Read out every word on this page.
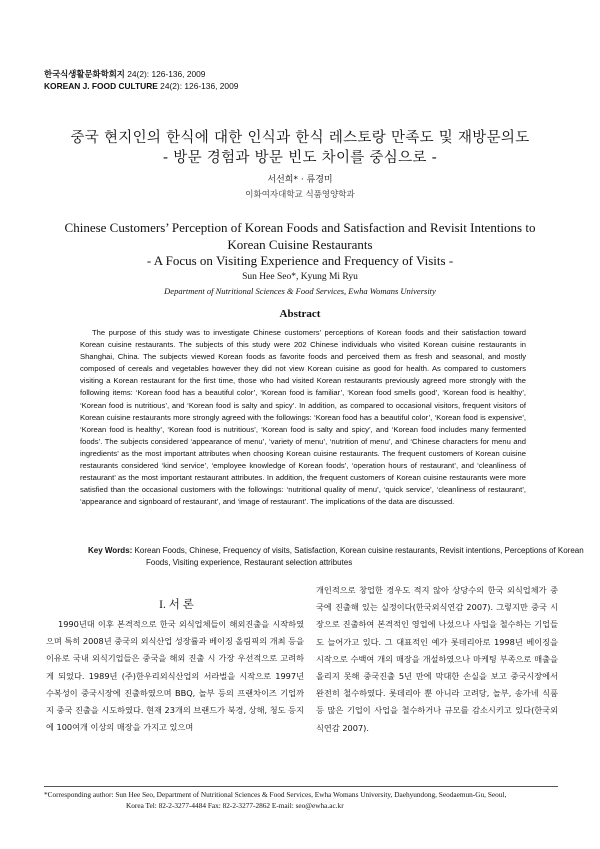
한국식생활문화학회지 24(2): 126-136, 2009
KOREAN J. FOOD CULTURE 24(2): 126-136, 2009
중국 현지인의 한식에 대한 인식과 한식 레스토랑 만족도 및 재방문의도
- 방문 경험과 방문 빈도 차이를 중심으로 -
서선희* · 류경미
이화여자대학교 식품영양학과
Chinese Customers’ Perception of Korean Foods and Satisfaction and Revisit Intentions to
Korean Cuisine Restaurants
- A Focus on Visiting Experience and Frequency of Visits -
Sun Hee Seo*, Kyung Mi Ryu
Department of Nutritional Sciences & Food Services, Ewha Womans University
Abstract
The purpose of this study was to investigate Chinese customers’ perceptions of Korean foods and their satisfaction toward Korean cuisine restaurants. The subjects of this study were 202 Chinese individuals who visited Korean cuisine restaurants in Shanghai, China. The subjects viewed Korean foods as favorite foods and perceived them as fresh and seasonal, and mostly composed of cereals and vegetables however they did not view Korean cuisine as good for health. As compared to customers visiting a Korean restaurant for the first time, those who had visited Korean restaurants previously agreed more strongly with the following items: ‘Korean food has a beautiful color’, ‘Korean food is familiar’, ‘Korean food smells good’, ‘Korean food is healthy’, ‘Korean food is nutritious’, and ‘Korean food is salty and spicy’. In addition, as compared to occasional visitors, frequent visitors of Korean cuisine restaurants more strongly agreed with the followings: ‘Korean food has a beautiful color’, ‘Korean food is expensive’, ‘Korean food is healthy’, ‘Korean food is nutritious’, ‘Korean food is salty and spicy’, and ‘Korean food includes many fermented foods’. The subjects considered ‘appearance of menu’, ‘variety of menu’, ‘nutrition of menu’, and ‘Chinese characters for menu and ingredients’ as the most important attributes when choosing Korean cuisine restaurants. The frequent customers of Korean cuisine restaurants considered ‘kind service’, ‘employee knowledge of Korean foods’, ‘operation hours of restaurant’, and ‘cleanliness of restaurant’ as the most important restaurant attributes. In addition, the frequent customers of Korean cuisine restaurants were more satisfied than the occasional customers with the followings: ‘nutritional quality of menu’, ‘quick service’, ‘cleanliness of restaurant’, ‘appearance and signboard of restaurant’, and ‘image of restaurant’. The implications of the data are discussed.
Key Words: Korean Foods, Chinese, Frequency of visits, Satisfaction, Korean cuisine restaurants, Revisit intentions, Perceptions of Korean Foods, Visiting experience, Restaurant selection attributes
I. 서 론
1990년대 이후 본격적으로 한국 외식업체들이 해외진출을 시작하였으며 특히 2008년 중국의 외식산업 성장률과 베이징 올림픽의 개최 등을 이유로 국내 외식기업들은 중국을 해외 진출 시 가장 우선적으로 고려하게 되었다. 1989년 (주)한우리외식산업의 서라벌을 시작으로 1997년 수복성이 중국시장에 진출하였으며 BBQ, 놀부 등의 프랜차이즈 기업까지 중국 진출을 시도하였다. 현재 23개의 브랜드가 북경, 상해, 청도 등지에 100여개 이상의 매장을 가지고 있으며
개인적으로 창업한 경우도 적지 않아 상당수의 한국 외식업체가 중국에 진출해 있는 실정이다(한국외식연감 2007). 그렇지만 중국 시장으로 진출하여 본격적인 영업에 나섰으나 사업을 철수하는 기업들도 늘어가고 있다. 그 대표적인 예가 롯데리아로 1998년 베이징을 시작으로 수백여 개의 매장을 개설하였으나 마케팅 부족으로 매출을 올리지 못해 중국진출 5년 만에 막대한 손실을 보고 중국시장에서 완전히 철수하였다. 롯데리아 뿐 아니라 고려당, 놀부, 송가네 식품 등 많은 기업이 사업을 철수하거나 규모를 감소시키고 있다(한국외식연감 2007).
*Corresponding author: Sun Hee Seo, Department of Nutritional Sciences & Food Services, Ewha Womans University, Daehyundong, Seodaemun-Gu, Seoul,
Korea Tel: 82-2-3277-4484 Fax: 82-2-3277-2862 E-mail: seo@ewha.ac.kr
